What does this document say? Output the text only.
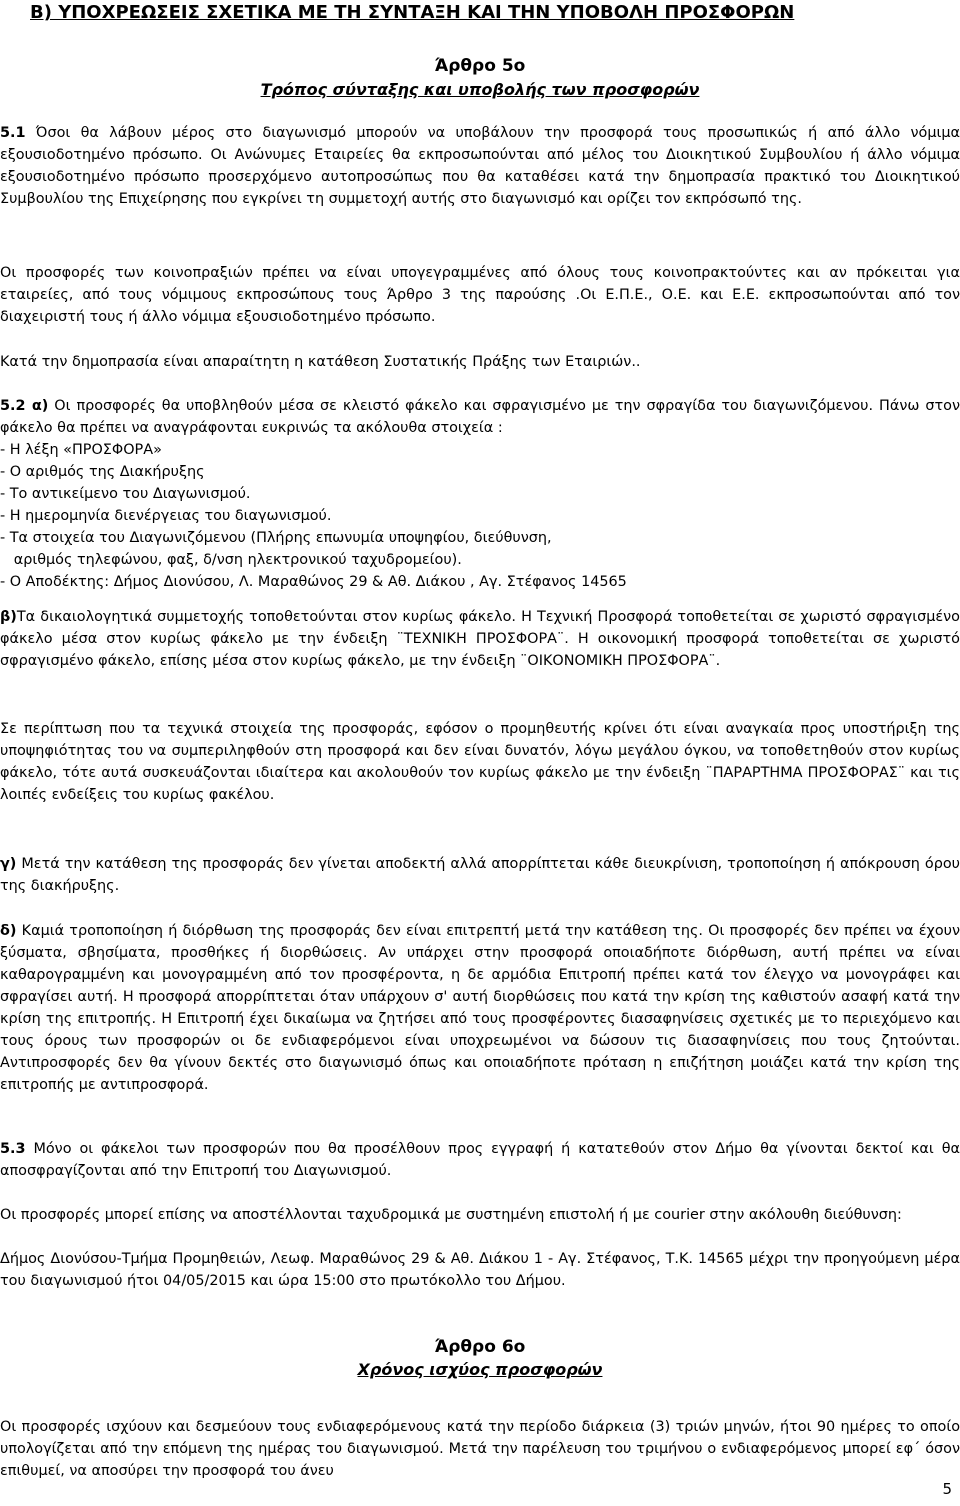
Β) ΥΠΟΧΡΕΩΣΕΙΣ ΣΧΕΤΙΚΑ ΜΕ ΤΗ ΣΥΝΤΑΞΗ ΚΑΙ ΤΗΝ ΥΠΟΒΟΛΗ ΠΡΟΣΦΟΡΩΝ
Άρθρο 5ο
Τρόπος σύνταξης και υποβολής των προσφορών

5.1 Όσοι θα λάβουν μέρος στο διαγωνισμό μπορούν να υποβάλουν την προσφορά τους προσωπικώς ή από άλλο νόμιμα εξουσιοδοτημένο πρόσωπο. Οι Ανώνυμες Εταιρείες θα εκπροσωπούνται από μέλος του Διοικητικού Συμβουλίου ή άλλο νόμιμα εξουσιοδοτημένο πρόσωπο προσερχόμενο αυτοπροσώπως που θα καταθέσει κατά την δημοπρασία πρακτικό του Διοικητικού Συμβουλίου της Επιχείρησης που εγκρίνει τη συμμετοχή αυτής στο διαγωνισμό και ορίζει τον εκπρόσωπό της.

Οι προσφορές των κοινοπραξιών πρέπει να είναι υπογεγραμμένες από όλους τους κοινοπρακτούντες και αν πρόκειται για εταιρείες, από τους νόμιμους εκπροσώπους τους Άρθρο 3 της παρούσης .Οι Ε.Π.Ε., Ο.Ε. και Ε.Ε. εκπροσωπούνται από τον διαχειριστή τους ή άλλο νόμιμα εξουσιοδοτημένο πρόσωπο.
Κατά την δημοπρασία είναι απαραίτητη η κατάθεση Συστατικής Πράξης των Εταιριών..

5.2 α) Οι προσφορές θα υποβληθούν μέσα σε κλειστό φάκελο και σφραγισμένο με την σφραγίδα του διαγωνιζόμενου. Πάνω στον φάκελο θα πρέπει να αναγράφονται ευκρινώς τα ακόλουθα στοιχεία :

- Η λέξη «ΠΡΟΣΦΟΡΑ»
- Ο αριθμός της Διακήρυξης
- Το αντικείμενο του Διαγωνισμού.
- Η ημερομηνία διενέργειας του διαγωνισμού.
- Τα στοιχεία του Διαγωνιζόμενου (Πλήρης επωνυμία υποψηφίου, διεύθυνση,
αριθμός τηλεφώνου, φαξ, δ/νση ηλεκτρονικού ταχυδρομείου).
- Ο Αποδέκτης: Δήμος Διονύσου, Λ. Μαραθώνος 29 & Αθ. Διάκου , Αγ. Στέφανος 14565

β)Τα δικαιολογητικά συμμετοχής τοποθετούνται στον κυρίως φάκελο. Η Τεχνική Προσφορά τοποθετείται σε χωριστό σφραγισμένο φάκελο μέσα στον κυρίως φάκελο με την ένδειξη ¨ΤΕΧΝΙΚΗ ΠΡΟΣΦΟΡΑ¨. Η οικονομική προσφορά τοποθετείται σε χωριστό σφραγισμένο φάκελο, επίσης μέσα στον κυρίως φάκελο, με την ένδειξη ¨ΟΙΚΟΝΟΜΙΚΗ ΠΡΟΣΦΟΡΑ¨.

Σε περίπτωση που τα τεχνικά στοιχεία της προσφοράς, εφόσον ο προμηθευτής κρίνει ότι είναι αναγκαία προς υποστήριξη της υποψηφιότητας του να συμπεριληφθούν στη προσφορά και δεν είναι δυνατόν, λόγω μεγάλου όγκου, να τοποθετηθούν στον κυρίως φάκελο, τότε αυτά συσκευάζονται ιδιαίτερα και ακολουθούν τον κυρίως φάκελο με την ένδειξη ¨ΠΑΡΑΡΤΗΜΑ ΠΡΟΣΦΟΡΑΣ¨ και τις λοιπές ενδείξεις του κυρίως φακέλου.

γ) Μετά την κατάθεση της προσφοράς δεν γίνεται αποδεκτή αλλά απορρίπτεται κάθε διευκρίνιση, τροποποίηση ή απόκρουση όρου της διακήρυξης.

δ) Καμιά τροποποίηση ή διόρθωση της προσφοράς δεν είναι επιτρεπτή μετά την κατάθεση της. Οι προσφορές δεν πρέπει να έχουν ξύσματα, σβησίματα, προσθήκες ή διορθώσεις. Αν υπάρχει στην προσφορά οποιαδήποτε διόρθωση, αυτή πρέπει να είναι καθαρογραμμένη και μονογραμμένη από τον προσφέροντα, η δε αρμόδια Επιτροπή πρέπει κατά τον έλεγχο να μονογράφει και σφραγίσει αυτή. Η προσφορά απορρίπτεται όταν υπάρχουν σ' αυτή διορθώσεις που κατά την κρίση της καθιστούν ασαφή κατά την κρίση της επιτροπής. Η Επιτροπή έχει δικαίωμα να ζητήσει από τους προσφέροντες διασαφηνίσεις σχετικές με το περιεχόμενο και τους όρους των προσφορών οι δε ενδιαφερόμενοι είναι υποχρεωμένοι να δώσουν τις διασαφηνίσεις που τους ζητούνται. Αντιπροσφορές δεν θα γίνουν δεκτές στο διαγωνισμό όπως και οποιαδήποτε πρόταση η επιζήτηση μοιάζει κατά την κρίση της επιτροπής με αντιπροσφορά.

5.3 Μόνο οι φάκελοι των προσφορών που θα προσέλθουν προς εγγραφή ή κατατεθούν στον Δήμο θα γίνονται δεκτοί και θα αποσφραγίζονται από την Επιτροπή του Διαγωνισμού.

Οι προσφορές μπορεί επίσης να αποστέλλονται ταχυδρομικά με συστημένη επιστολή ή με courier στην ακόλουθη διεύθυνση:
Δήμος Διονύσου-Τμήμα Προμηθειών, Λεωφ. Μαραθώνος 29 & Αθ. Διάκου 1 - Αγ. Στέφανος, Τ.Κ. 14565 μέχρι την προηγούμενη μέρα του διαγωνισμού ήτοι 04/05/2015 και ώρα 15:00 στο πρωτόκολλο του Δήμου.
Άρθρο 6ο
Χρόνος ισχύος προσφορών
Οι προσφορές ισχύουν και δεσμεύουν τους ενδιαφερόμενους κατά την περίοδο διάρκεια (3) τριών μηνών, ήτοι 90 ημέρες το οποίο υπολογίζεται από την επόμενη της ημέρας του διαγωνισμού. Μετά την παρέλευση του τριμήνου ο ενδιαφερόμενος μπορεί εφ΄ όσον επιθυμεί, να αποσύρει την προσφορά του άνευ
5
